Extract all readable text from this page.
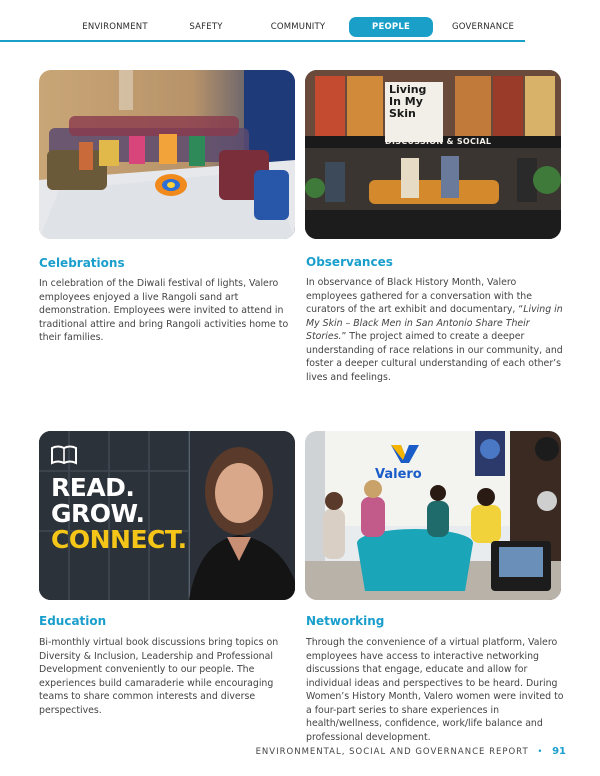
ENVIRONMENT	SAFETY	COMMUNITY	PEOPLE	GOVERNANCE
Living
In My
Skin
DISCUSSION & SOCIAL
Celebrations
In celebration of the Diwali festival of lights, Valero employees enjoyed a live Rangoli sand art demonstration. Employees were invited to attend in traditional attire and bring Rangoli activities home to their families.
Observances
In observance of Black History Month, Valero employees gathered for a conversation with the curators of the art exhibit and documentary, “Living in My Skin – Black Men in San Antonio Share Their Stories.” The project aimed to create a deeper understanding of race relations in our community, and foster a deeper cultural understanding of each other’s lives and feelings.
READ.
GROW.
CONNECT.
Valero
Education
Bi-monthly virtual book discussions bring topics on Diversity & Inclusion, Leadership and Professional Development conveniently to our people. The experiences build camaraderie while encouraging teams to share common interests and diverse perspectives.
Networking
Through the convenience of a virtual platform, Valero employees have access to interactive networking discussions that engage, educate and allow for individual ideas and perspectives to be heard. During Women’s History Month, Valero women were invited to a four-part series to share experiences in health/wellness, confidence, work/life balance and professional development.
ENVIRONMENTAL, SOCIAL AND GOVERNANCE REPORT • 91
